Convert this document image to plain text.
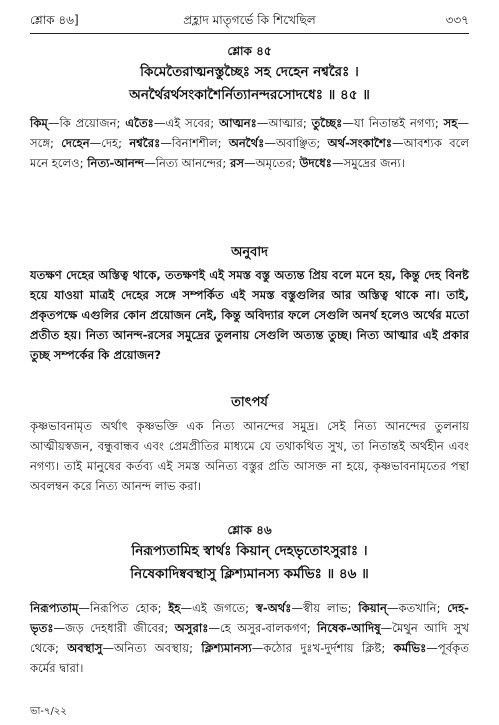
শ্লোক ৪৬]	প্রহ্লাদ মাতৃগর্ভে কি শিখেছিল	৩৩৭
শ্লোক ৪৫
কিমেতৈরাত্মনস্তুচ্ছৈঃ সহ দেহেন নশ্বরৈঃ ।
অনর্থৈরর্থসংকাশৈর্নিত্যানন্দরসোদধেঃ ॥ ৪৫ ॥

কিম্—কি প্রয়োজন; এতৈঃ—এই সবের; আত্মনঃ—আত্মার; তুচ্ছৈঃ—যা নিতান্তই নগণ্য; সহ—সঙ্গে; দেহেন—দেহ; নশ্বরৈঃ—বিনাশশীল; অনর্থৈঃ—অবাঞ্ছিত; অর্থ-সংকাশৈঃ—আবশ্যক বলে মনে হলেও; নিত্য-আনন্দ—নিত্য আনন্দের; রস—অমৃতের; উদধেঃ—সমুদ্রের জন্য।

অনুবাদ

যতক্ষণ দেহের অস্তিত্ব থাকে, ততক্ষণই এই সমস্ত বস্তু অত্যন্ত প্রিয় বলে মনে হয়, কিন্তু দেহ বিনষ্ট হয়ে যাওয়া মাত্রই দেহের সঙ্গে সম্পর্কিত এই সমস্ত বস্তুগুলির আর অস্তিত্ব থাকে না। তাই, প্রকৃতপক্ষে এগুলির কোন প্রয়োজন নেই, কিন্তু অবিদ্যার ফলে সেগুলি অনর্থ হলেও অর্থের মতো প্রতীত হয়। নিত্য আনন্দ-রসের সমুদ্রের তুলনায় সেগুলি অত্যন্ত তুচ্ছ। নিত্য আত্মার এই প্রকার তুচ্ছ সম্পর্কের কি প্রয়োজন?

তাৎপর্য

কৃষ্ণভাবনামৃত অর্থাৎ কৃষ্ণভক্তি এক নিত্য আনন্দের সমুদ্র। সেই নিত্য আনন্দের তুলনায় আত্মীয়স্বজন, বন্ধুবান্ধব এবং প্রেমপ্রীতির মাধ্যমে যে তথাকথিত সুখ, তা নিতান্তই অর্থহীন এবং নগণ্য। তাই মানুষের কর্তব্য এই সমস্ত অনিত্য বস্তুর প্রতি আসক্ত না হয়ে, কৃষ্ণভাবনামৃতের পন্থা অবলম্বন করে নিত্য আনন্দ লাভ করা।

শ্লোক ৪৬
নিরূপ্যতামিহ স্বার্থঃ কিয়ান্ দেহভৃতোঽসুরাঃ ।
নিষেকাদিষ্ববস্থাসু ক্লিশ্যমানস্য কর্মভিঃ ॥ ৪৬ ॥

নিরূপ্যতাম্—নিরূপিত হোক; ইহ—এই জগতে; স্ব-অর্থঃ—স্বীয় লাভ; কিয়ান্—কতখানি; দেহ-ভৃতঃ—জড় দেহধারী জীবের; অসুরাঃ—হে অসুর-বালকগণ; নিষেক-আদিষু—মৈথুন আদি সুখ থেকে; অবস্থাসু—অনিত্য অবস্থায়; ক্লিশ্যমানস্য—কঠোর দুঃখ-দুর্দশায় ক্লিষ্ট; কর্মভিঃ—পূর্বকৃত কর্মের দ্বারা।

ভা-৭/২২
